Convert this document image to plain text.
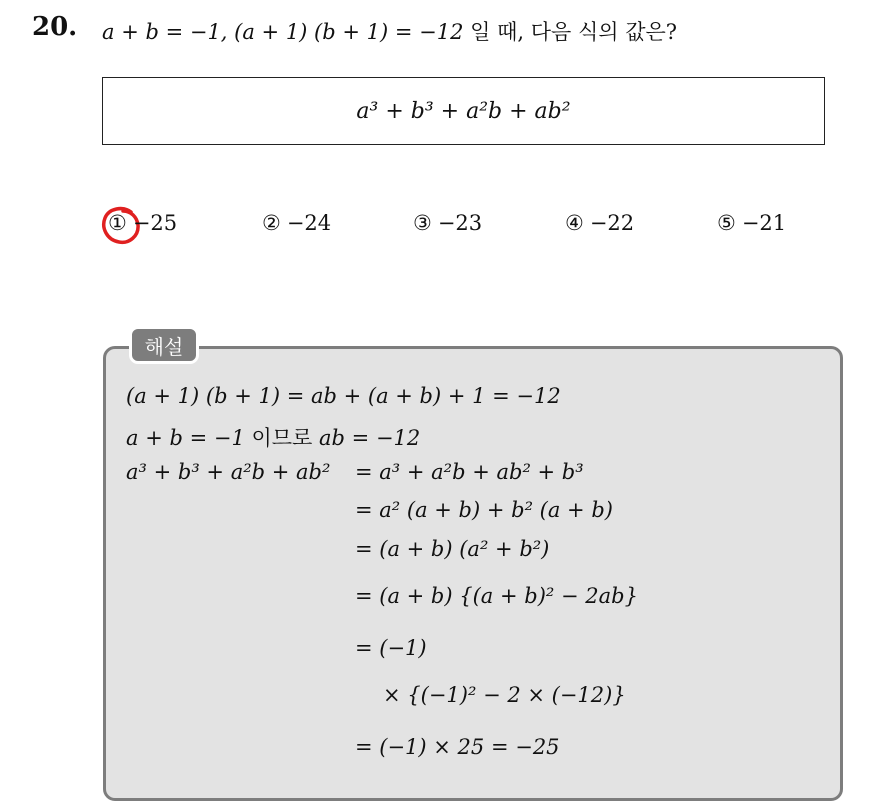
20. a + b = −1, (a + 1) (b + 1) = −12 일 때, 다음 식의 값은?
a³ + b³ + a²b + ab²
① −25	② −24	③ −23	④ −22	⑤ −21
해설
(a + 1) (b + 1) = ab + (a + b) + 1 = −12
a + b = −1 이므로 ab = −12
a³ + b³ + a²b + ab² = a³ + a²b + ab² + b³
= a² (a + b) + b² (a + b)
= (a + b) (a² + b²)
= (a + b) {(a + b)² − 2ab}
= (−1)
× {(−1)² − 2 × (−12)}
= (−1) × 25 = −25
